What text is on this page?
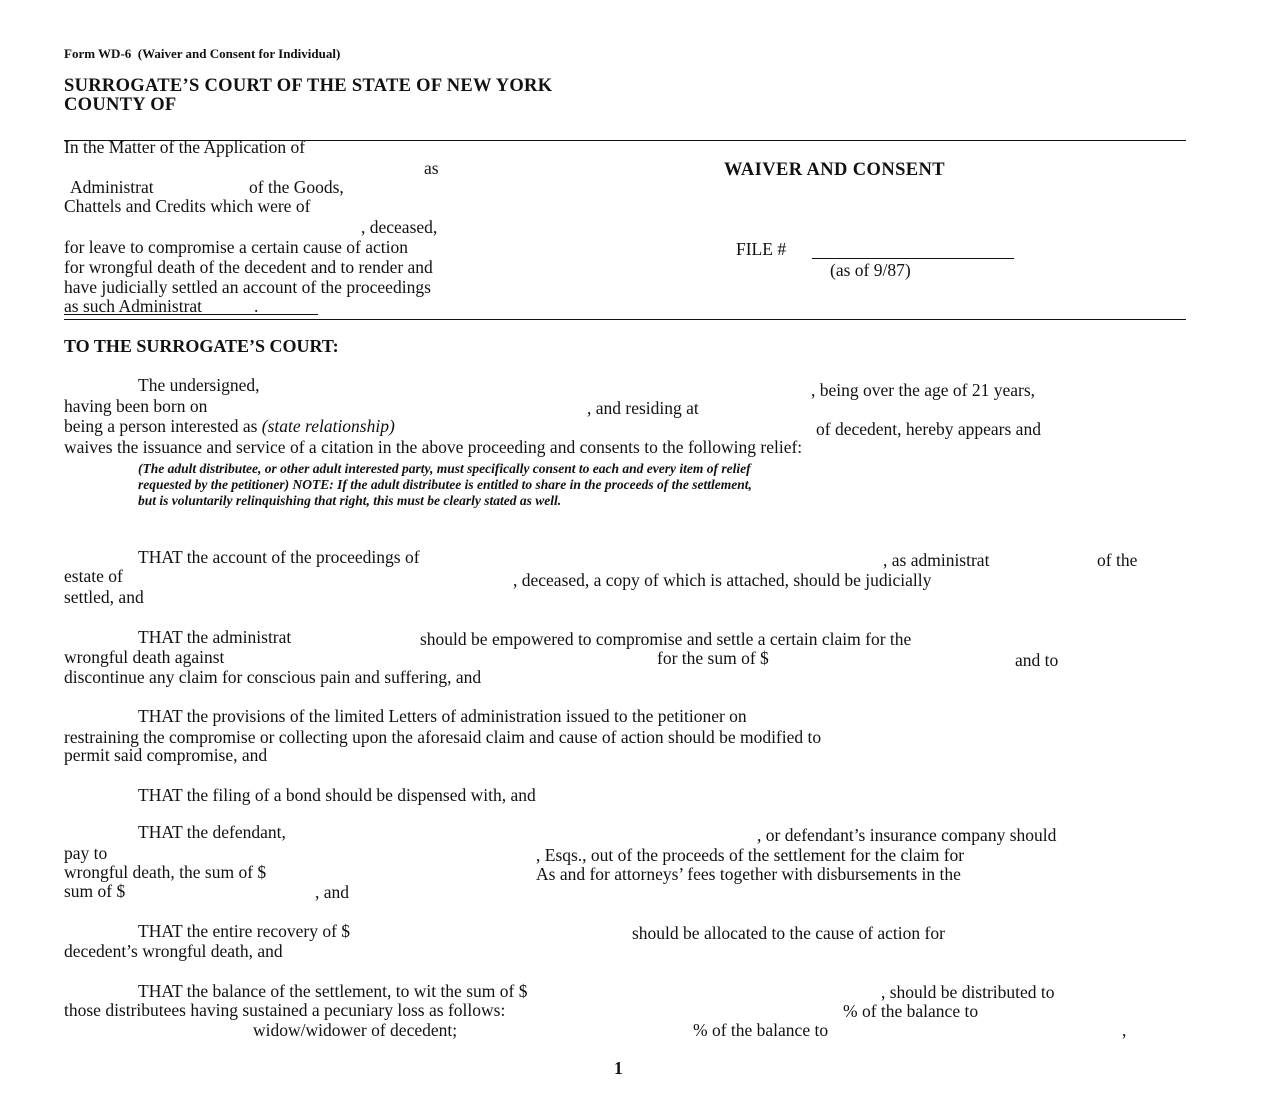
Form WD-6 (Waiver and Consent for Individual)
SURROGATE’S COURT OF THE STATE OF NEW YORK
COUNTY OF
In the Matter of the Application of
as
Administrat	of the Goods,
Chattels and Credits which were of
, deceased,
for leave to compromise a certain cause of action
for wrongful death of the decedent and to render and
have judicially settled an account of the proceedings
as such Administrat	.
WAIVER AND CONSENT
FILE #
(as of 9/87)
TO THE SURROGATE’S COURT:
The undersigned,	, being over the age of 21 years,
having been born on	, and residing at
being a person interested as (state relationship)	of decedent, hereby appears and
waives the issuance and service of a citation in the above proceeding and consents to the following relief:
(The adult distributee, or other adult interested party, must specifically consent to each and every item of relief
requested by the petitioner) NOTE: If the adult distributee is entitled to share in the proceeds of the settlement,
but is voluntarily relinquishing that right, this must be clearly stated as well.
THAT the account of the proceedings of	, as administrat	of the
estate of	, deceased, a copy of which is attached, should be judicially
settled, and
THAT the administrat	should be empowered to compromise and settle a certain claim for the
wrongful death against	for the sum of $	and to
discontinue any claim for conscious pain and suffering, and
THAT the provisions of the limited Letters of administration issued to the petitioner on
restraining the compromise or collecting upon the aforesaid claim and cause of action should be modified to
permit said compromise, and
THAT the filing of a bond should be dispensed with, and
THAT the defendant,	, or defendant’s insurance company should
pay to	, Esqs., out of the proceeds of the settlement for the claim for
wrongful death, the sum of $	As and for attorneys’ fees together with disbursements in the
sum of $	, and
THAT the entire recovery of $	should be allocated to the cause of action for
decedent’s wrongful death, and
THAT the balance of the settlement, to wit the sum of $	, should be distributed to
those distributees having sustained a pecuniary loss as follows:	% of the balance to
widow/widower of decedent;	% of the balance to	,
1
